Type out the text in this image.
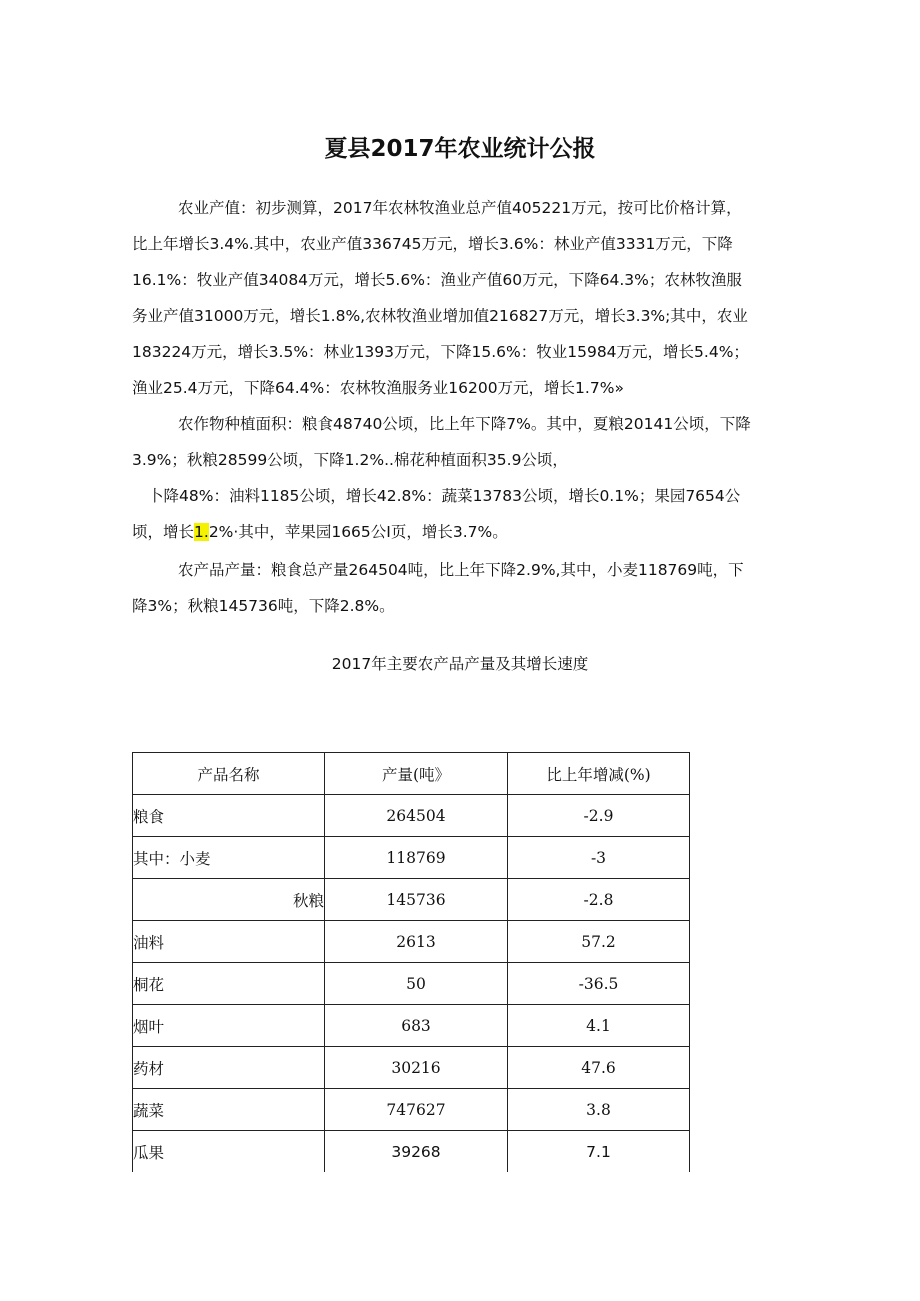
夏县2017年农业统计公报

农业产值：初步测算，2017年农林牧渔业总产值405221万元，按可比价格计算，
比上年增长3.4%.其中，农业产值336745万元，增长3.6%：林业产值3331万元，下降
16.1%：牧业产值34084万元，增长5.6%：渔业产值60万元，下降64.3%；农林牧渔服
务业产值31000万元，增长1.8%,农林牧渔业增加值216827万元，增长3.3%;其中，农业
183224万元，增长3.5%：林业1393万元，下降15.6%：牧业15984万元，增长5.4%；
渔业25.4万元，下降64.4%：农林牧渔服务业16200万元，增长1.7%»

农作物种植面积：粮食48740公顷，比上年下降7%。其中，夏粮20141公顷，下降
3.9%；秋粮28599公顷，下降1.2%..棉花种植面积35.9公顷，
卜降48%：油料1185公顷，增长42.8%：蔬菜13783公顷，增长0.1%；果园7654公
顷，增长1.2%·其中，苹果园1665公I页，增长3.7%。

农产品产量：粮食总产量264504吨，比上年下降2.9%,其中，小麦118769吨，下
降3%；秋粮145736吨，下降2.8%。

2017年主要农产品产量及其增长速度
产品名称	产量(吨》	比上年增减(%)
粮食	264504	-2.9
其中：小麦	118769	-3
秋粮	145736	-2.8
油料	2613	57.2
桐花	50	-36.5
烟叶	683	4.1
药材	30216	47.6
蔬菜	747627	3.8
瓜果	39268	7.1
